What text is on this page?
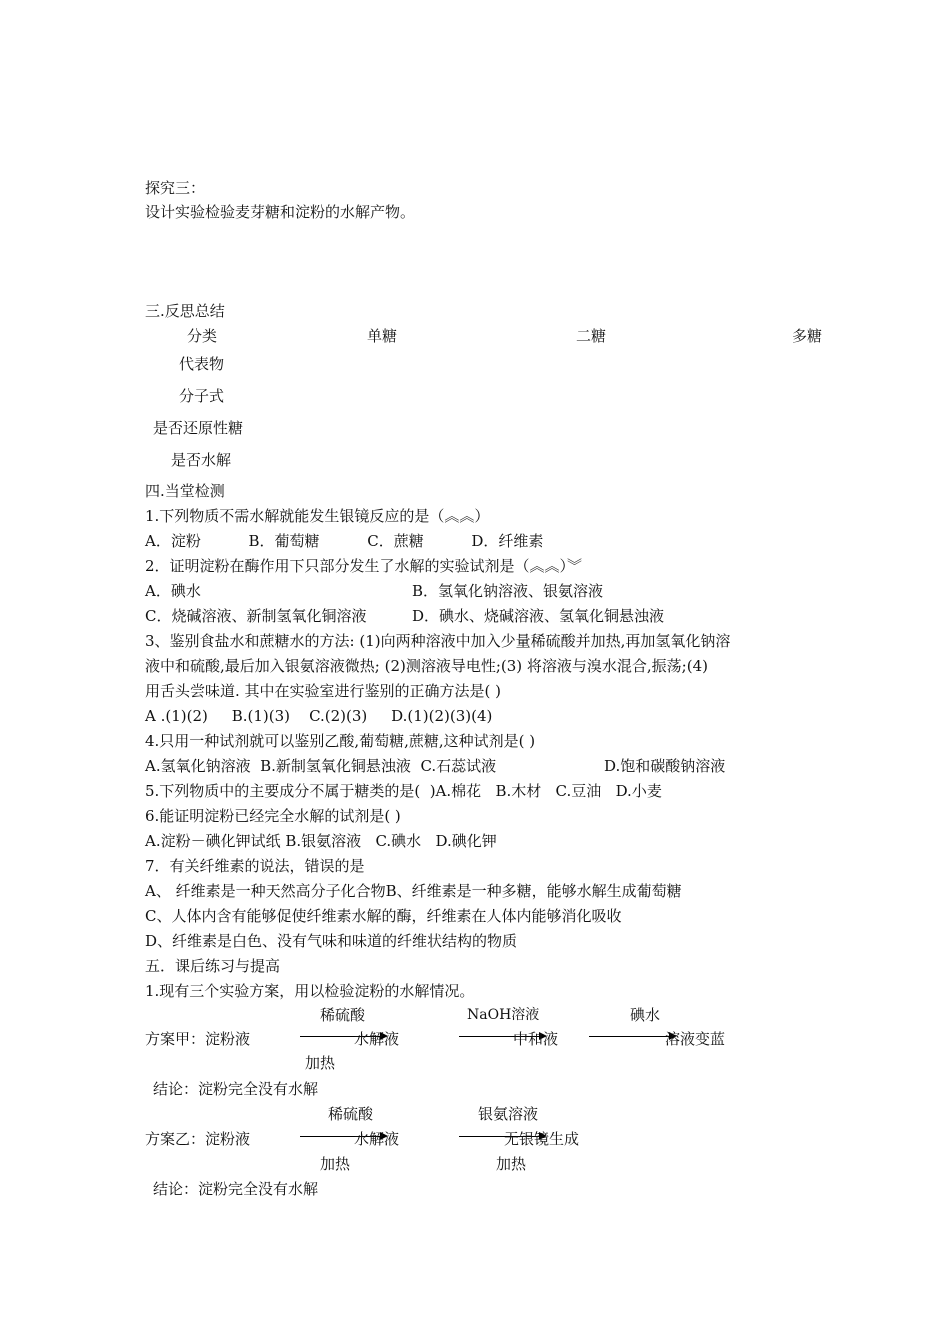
探究三：
设计实验检验麦芽糖和淀粉的水解产物。
三.反思总结
分类	单糖	二糖	多糖
代表物
分子式
是否还原性糖
是否水解
四.当堂检测
1.下列物质不需水解就能发生银镜反应的是（︽︽）
A．淀粉          B．葡萄糖          C．蔗糖          D．纤维素
2．证明淀粉在酶作用下只部分发生了水解的实验试剂是（︽︽）︾
A．碘水	B．氢氧化钠溶液、银氨溶液
C．烧碱溶液、新制氢氧化铜溶液	D．碘水、烧碱溶液、氢氧化铜悬浊液
3、鉴别食盐水和蔗糖水的方法: (1)向两种溶液中加入少量稀硫酸并加热,再加氢氧化钠溶
液中和硫酸,最后加入银氨溶液微热; (2)测溶液导电性;(3) 将溶液与溴水混合,振荡;(4)
用舌头尝味道. 其中在实验室进行鉴别的正确方法是( )
A .(1)(2)     B.(1)(3)    C.(2)(3)     D.(1)(2)(3)(4)
4.只用一种试剂就可以鉴别乙酸,葡萄糖,蔗糖,这种试剂是( )
A.氢氧化钠溶液  B.新制氢氧化铜悬浊液  C.石蕊试液	D.饱和碳酸钠溶液
5.下列物质中的主要成分不属于糖类的是(  )A.棉花   B.木材   C.豆油   D.小麦
6.能证明淀粉已经完全水解的试剂是( )
A.淀粉－碘化钾试纸 B.银氨溶液   C.碘水   D.碘化钾
7．有关纤维素的说法，错误的是
A、 纤维素是一种天然高分子化合物B、纤维素是一种多糖，能够水解生成葡萄糖
C、人体内含有能够促使纤维素水解的酶，纤维素在人体内能够消化吸收
D、纤维素是白色、没有气味和味道的纤维状结构的物质
五．课后练习与提高
1.现有三个实验方案，用以检验淀粉的水解情况。
稀硫酸	NaOH溶液	碘水
方案甲：淀粉液	水解液	中和液	溶液变蓝
加热
结论：淀粉完全没有水解
稀硫酸	银氨溶液
方案乙：淀粉液	水解液	无银镜生成
加热	加热
结论：淀粉完全没有水解
